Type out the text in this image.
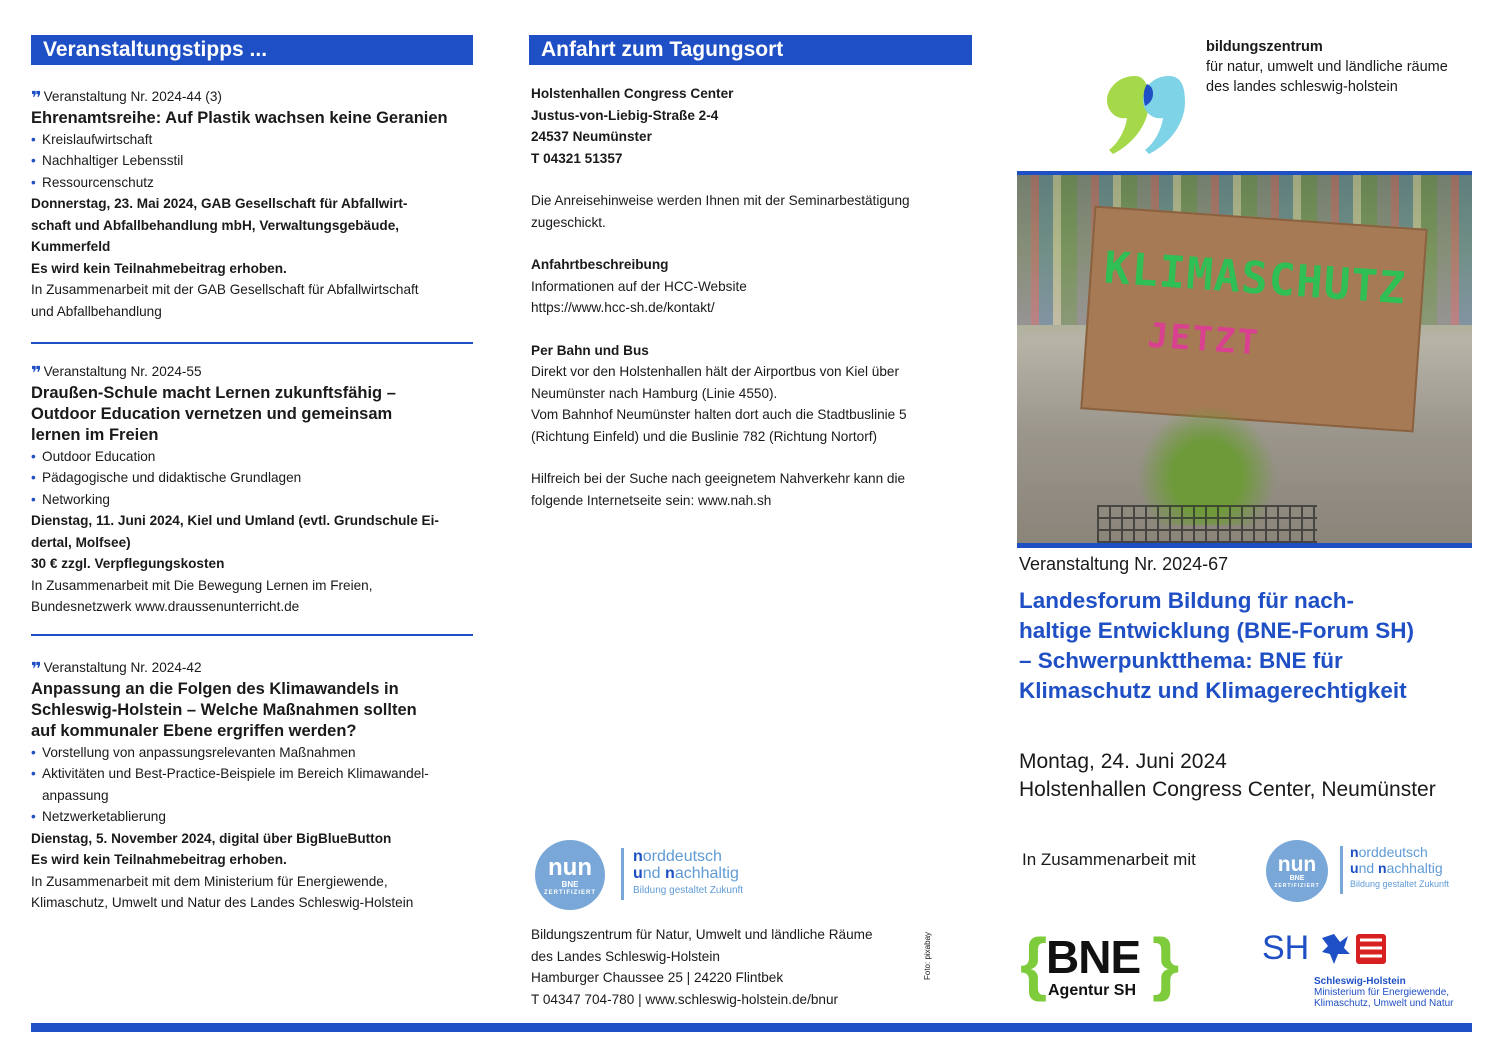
Veranstaltungstipps ...
❞ Veranstaltung Nr. 2024-44 (3)
Ehrenamtsreihe: Auf Plastik wachsen keine Geranien
• Kreislaufwirtschaft
• Nachhaltiger Lebensstil
• Ressourcenschutz
Donnerstag, 23. Mai 2024, GAB Gesellschaft für Abfallwirt-
schaft und Abfallbehandlung mbH, Verwaltungsgebäude,
Kummerfeld
Es wird kein Teilnahmebeitrag erhoben.
In Zusammenarbeit mit der GAB Gesellschaft für Abfallwirtschaft
und Abfallbehandlung
❞ Veranstaltung Nr. 2024-55
Draußen-Schule macht Lernen zukunftsfähig –
Outdoor Education vernetzen und gemeinsam
lernen im Freien
• Outdoor Education
• Pädagogische und didaktische Grundlagen
• Networking
Dienstag, 11. Juni 2024, Kiel und Umland (evtl. Grundschule Ei-
dertal, Molfsee)
30 € zzgl. Verpflegungskosten
In Zusammenarbeit mit Die Bewegung Lernen im Freien,
Bundesnetzwerk www.draussenunterricht.de
❞ Veranstaltung Nr. 2024-42
Anpassung an die Folgen des Klimawandels in
Schleswig-Holstein – Welche Maßnahmen sollten
auf kommunaler Ebene ergriffen werden?
• Vorstellung von anpassungsrelevanten Maßnahmen
• Aktivitäten und Best-Practice-Beispiele im Bereich Klimawandel-
anpassung
• Netzwerketablierung
Dienstag, 5. November 2024, digital über BigBlueButton
Es wird kein Teilnahmebeitrag erhoben.
In Zusammenarbeit mit dem Ministerium für Energiewende,
Klimaschutz, Umwelt und Natur des Landes Schleswig-Holstein
Anfahrt zum Tagungsort

Holstenhallen Congress Center
Justus-von-Liebig-Straße 2-4
24537 Neumünster
T 04321 51357

Die Anreisehinweise werden Ihnen mit der Seminarbestätigung
zugeschickt.

Anfahrtbeschreibung
Informationen auf der HCC-Website
https://www.hcc-sh.de/kontakt/

Per Bahn und Bus
Direkt vor den Holstenhallen hält der Airportbus von Kiel über
Neumünster nach Hamburg (Linie 4550).
Vom Bahnhof Neumünster halten dort auch die Stadtbuslinie 5
(Richtung Einfeld) und die Buslinie 782 (Richtung Nortorf)

Hilfreich bei der Suche nach geeignetem Nahverkehr kann die
folgende Internetseite sein: www.nah.sh

nun
BNE
ZERTIFIZIERT
norddeutsch
und nachhaltig
Bildung gestaltet Zukunft
Bildungszentrum für Natur, Umwelt und ländliche Räume
des Landes Schleswig-Holstein
Hamburger Chaussee 25 | 24220 Flintbek
T 04347 704-780 | www.schleswig-holstein.de/bnur
Foto: pixabay
bildungszentrum
für natur, umwelt und ländliche räume
des landes schleswig-holstein
KLIMASCHUTZ
JETZT
Veranstaltung Nr. 2024-67
Landesforum Bildung für nach-
haltige Entwicklung (BNE-Forum SH)
– Schwerpunktthema: BNE für
Klimaschutz und Klimagerechtigkeit
Montag, 24. Juni 2024
Holstenhallen Congress Center, Neumünster
In Zusammenarbeit mit	nun
BNE
ZERTIFIZIERT
norddeutsch
und nachhaltig
Bildung gestaltet Zukunft
{
BNE
Agentur SH } SH
Schleswig-Holstein
Ministerium für Energiewende,
Klimaschutz, Umwelt und Natur
